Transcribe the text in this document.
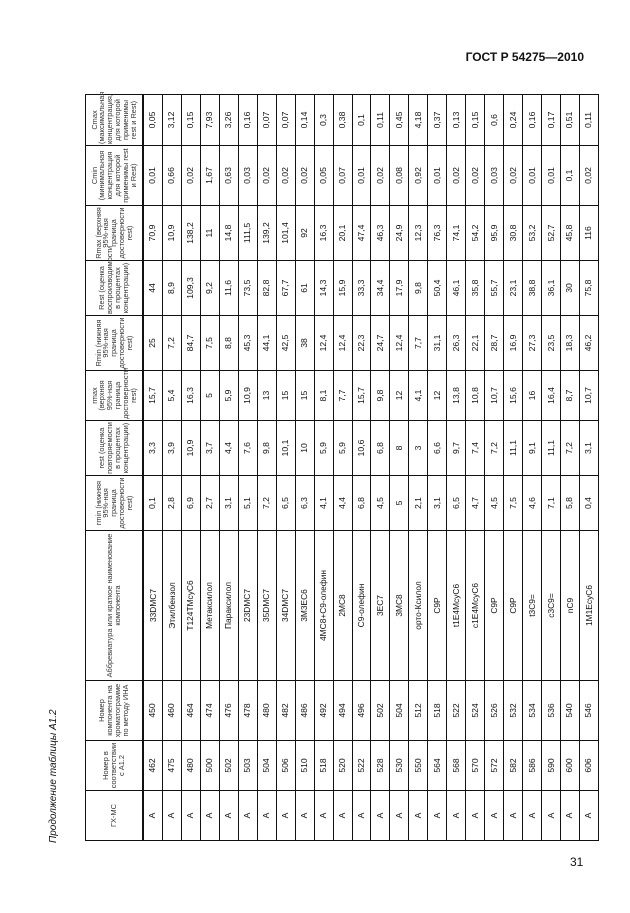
ГОСТ Р 54275—2010
Продолжение таблицы А1.2	ГХ-МС	Номер в соответствии с А1.2	Номер компонента на хроматограмме по методу ИНА	Аббревиатура или краткое наименование компонента	rmin (нижняя 95%-ная граница достоверности rest)	rest (оценка повторяемости в процентах концентрации)	rmax (верхняя 95%-ная граница достоверности rest)	Rmin (нижняя 95%-ная граница достоверности rest)	Rest (оценка воспроизводимости в процентах концентрации)	Rmax (верхняя 95%-ная граница достоверности rest)	Cmin (минимальная концентрация для которой применимы rest и Rest)	Cmax (максимальная концентрация, для которой применимы rest и Rest)
А	462	450	33DMC7	0,1	3,3	15,7	25	44	70,9	0,01	0,05
А	475	460	Этилбензол	2,8	3,9	5,4	7,2	8,9	10,9	0,66	3,12
А	480	464	T124TMcyC6	6,9	10,9	16,3	84,7	109,3	138,2	0,02	0,15
А	500	474	Метаксилол	2,7	3,7	5	7,5	9,2	11	1,67	7,93
А	502	476	Параксилол	3,1	4,4	5,9	8,8	11,6	14,8	0,63	3,26
А	503	478	23DMC7	5,1	7,6	10,9	45,3	73,5	111,5	0,03	0,16
А	504	480	35DMC7	7,2	9,8	13	44,1	82,8	139,2	0,02	0,07
А	506	482	34DMC7	6,5	10,1	15	42,5	67,7	101,4	0,02	0,07
А	510	486	3M3EC6	6,3	10	15	38	61	92	0,02	0,14
А	518	492	4MC8+C9-олефин	4,1	5,9	8,1	12,4	14,3	16,3	0,05	0,3
А	520	494	2MC8	4,4	5,9	7,7	12,4	15,9	20,1	0,07	0,38
А	522	496	C9-олефин	6,8	10,6	15,7	22,3	33,3	47,4	0,01	0,1
А	528	502	3EC7	4,5	6,8	9,8	24,7	34,4	46,3	0,02	0,11
А	530	504	3MC8	5	8	12	12,4	17,9	24,9	0,08	0,45
А	550	512	орто-Ксилол	2,1	3	4,1	7,7	9,8	12,3	0,92	4,18
А	564	518	C9P	3,1	6,6	12	31,1	50,4	76,3	0,01	0,37
А	568	522	t1E4McyC6	6,5	9,7	13,8	26,3	46,1	74,1	0,02	0,13
А	570	524	c1E4McyC6	4,7	7,4	10,8	22,1	35,8	54,2	0,02	0,15
А	572	526	C9P	4,5	7,2	10,7	28,7	55,7	95,9	0,03	0,6
А	582	532	C9P	7,5	11,1	15,6	16,9	23,1	30,8	0,02	0,24
А	586	534	t3C9=	4,6	9,1	16	27,3	38,8	53,2	0,01	0,16
А	590	536	c3C9=	7,1	11,1	16,4	23,5	36,1	52,7	0,01	0,17
А	600	540	nC9	5,8	7,2	8,7	18,3	30	45,8	0,1	0,51
А	606	546	1M1EcyC6	0,4	3,1	10,7	46,2	75,8	116	0,02	0,11
31
